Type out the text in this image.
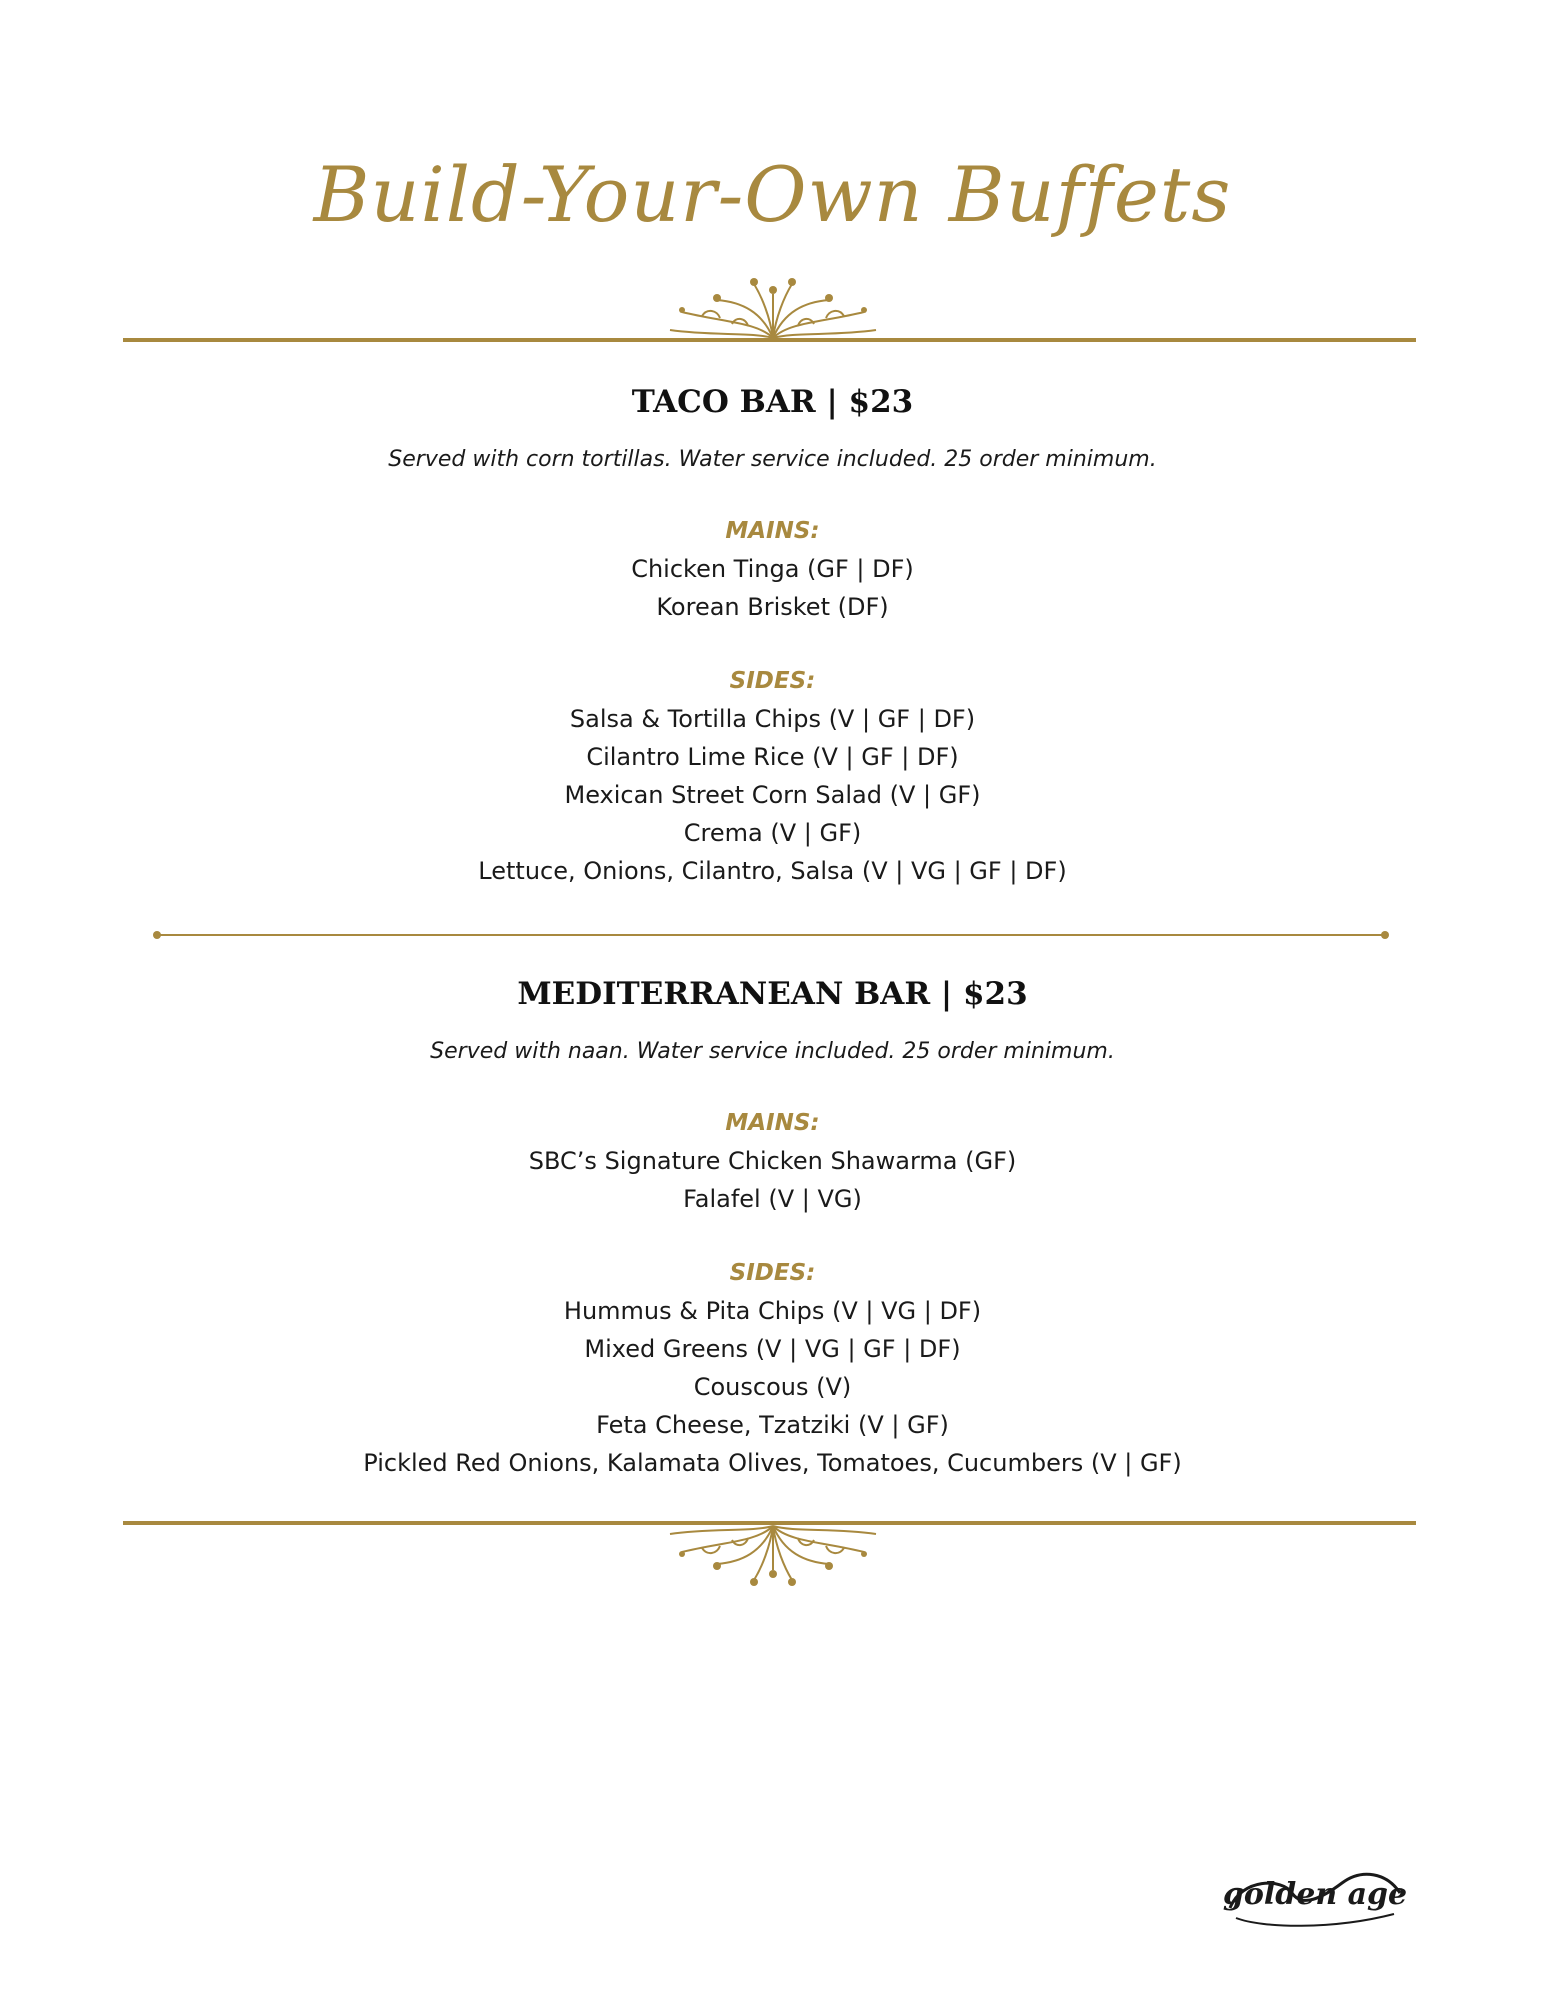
Build-Your-Own Buffets
TACO BAR | $23
Served with corn tortillas. Water service included. 25 order minimum.
MAINS:
Chicken Tinga (GF | DF)
Korean Brisket (DF)
SIDES:
Salsa & Tortilla Chips (V | GF | DF)
Cilantro Lime Rice (V | GF | DF)
Mexican Street Corn Salad (V | GF)
Crema (V | GF)
Lettuce, Onions, Cilantro, Salsa (V | VG | GF | DF)
MEDITERRANEAN BAR | $23
Served with naan. Water service included. 25 order minimum.
MAINS:
SBC’s Signature Chicken Shawarma (GF)
Falafel (V | VG)
SIDES:
Hummus & Pita Chips (V | VG | DF)
Mixed Greens (V | VG | GF | DF)
Couscous (V)
Feta Cheese, Tzatziki (V | GF)
Pickled Red Onions, Kalamata Olives, Tomatoes, Cucumbers (V | GF)
golden age
